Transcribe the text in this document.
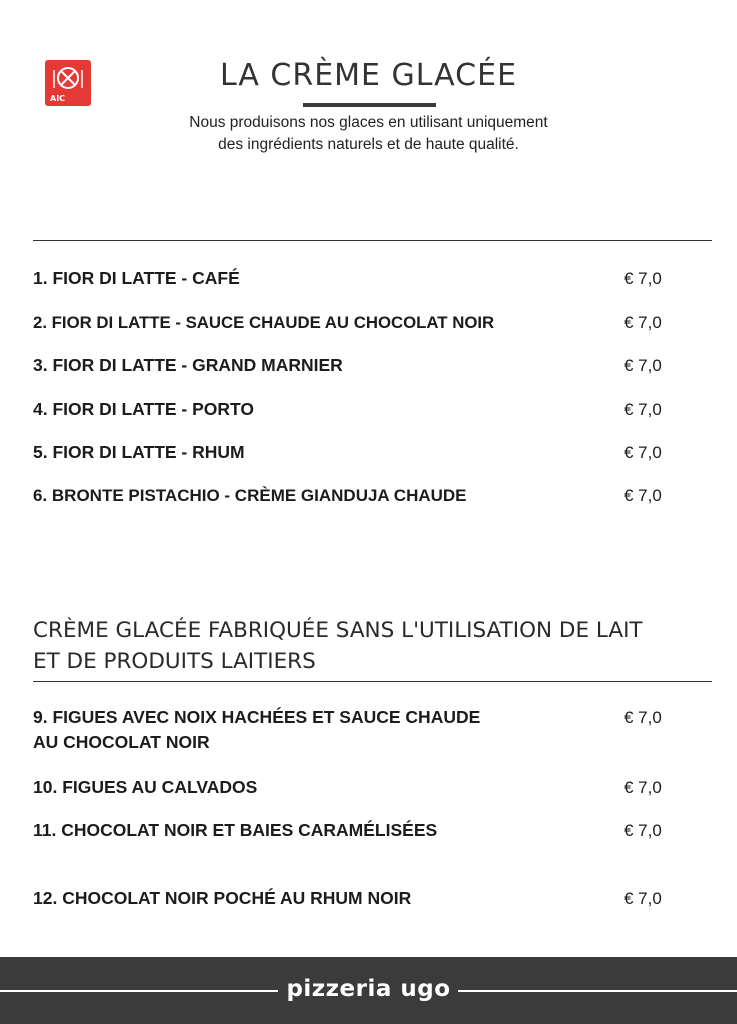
AIC
LA CRÈME GLACÉE
Nous produisons nos glaces en utilisant uniquement
des ingrédients naturels et de haute qualité.
1. FIOR DI LATTE - CAFÉ	€ 7,0
2. FIOR DI LATTE - SAUCE CHAUDE AU CHOCOLAT NOIR	€ 7,0
3. FIOR DI LATTE - GRAND MARNIER	€ 7,0
4. FIOR DI LATTE - PORTO	€ 7,0
5. FIOR DI LATTE - RHUM	€ 7,0
6. BRONTE PISTACHIO - CRÈME GIANDUJA CHAUDE	€ 7,0
CRÈME GLACÉE FABRIQUÉE SANS L'UTILISATION DE LAIT
ET DE PRODUITS LAITIERS
9. FIGUES AVEC NOIX HACHÉES ET SAUCE CHAUDE
AU CHOCOLAT NOIR
€ 7,0
10. FIGUES AU CALVADOS	€ 7,0
11. CHOCOLAT NOIR ET BAIES CARAMÉLISÉES	€ 7,0
12. CHOCOLAT NOIR POCHÉ AU RHUM NOIR	€ 7,0
pizzeria ugo
